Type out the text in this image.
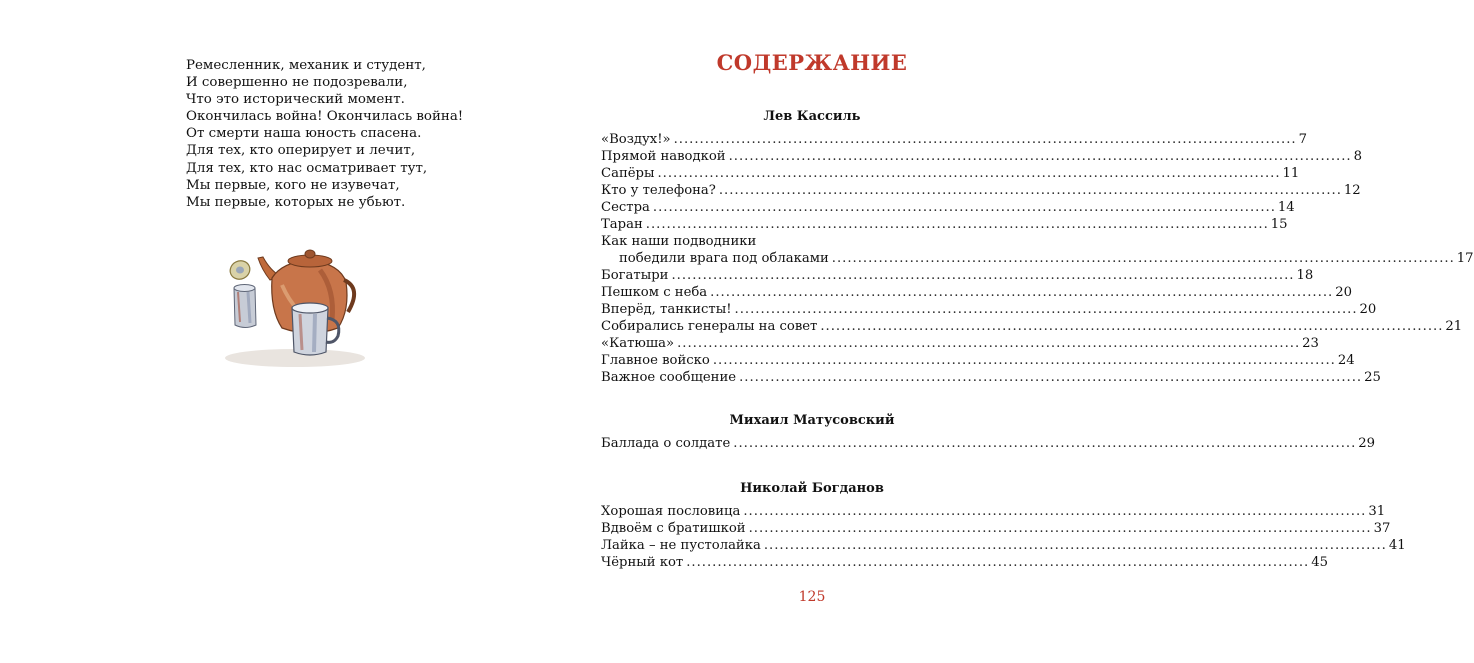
Ремесленник, механик и студент,
И совершенно не подозревали,
Что это исторический момент.
Окончилась война! Окончилась война!
От смерти наша юность спасена.
Для тех, кто оперирует и лечит,
Для тех, кто нас осматривает тут,
Мы первые, кого не изувечат,
Мы первые, которых не убьют.
СОДЕРЖАНИЕ
Лев Кассиль
«Воздух!» ........................................................................................................................ 7
Прямой наводкой ........................................................................................................................ 8
Сапёры ........................................................................................................................ 11
Кто у телефона? ........................................................................................................................ 12
Сестра ........................................................................................................................ 14
Таран ........................................................................................................................ 15
Как наши подводники
победили врага под облаками ........................................................................................................................ 17
Богатыри ........................................................................................................................ 18
Пешком с неба ........................................................................................................................ 20
Вперёд, танкисты! ........................................................................................................................ 20
Собирались генералы на совет ........................................................................................................................ 21
«Катюша» ........................................................................................................................ 23
Главное войско ........................................................................................................................ 24
Важное сообщение ........................................................................................................................ 25
Михаил Матусовский
Баллада о солдате ........................................................................................................................ 29
Николай Богданов
Хорошая пословица ........................................................................................................................ 31
Вдвоём с братишкой ........................................................................................................................ 37
Лайка – не пустолайка ........................................................................................................................ 41
Чёрный кот ........................................................................................................................ 45
125
